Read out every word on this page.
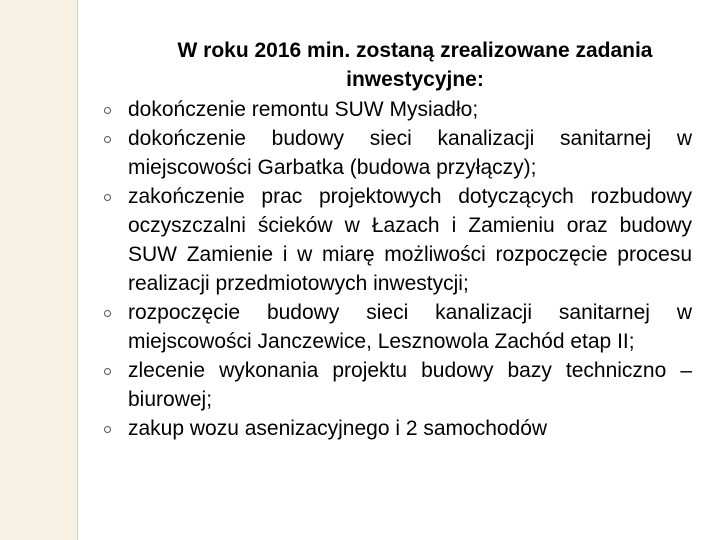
W roku 2016 min. zostaną zrealizowane zadania inwestycyjne:
dokończenie remontu SUW Mysiadło;
dokończenie budowy sieci kanalizacji sanitarnej w miejscowości Garbatka (budowa przyłączy);
zakończenie prac projektowych dotyczących rozbudowy oczyszczalni ścieków w Łazach i Zamieniu oraz budowy SUW Zamienie i w miarę możliwości rozpoczęcie procesu realizacji przedmiotowych inwestycji;
rozpoczęcie budowy sieci kanalizacji sanitarnej w miejscowości Janczewice, Lesznowola Zachód etap II;
zlecenie wykonania projektu budowy bazy techniczno – biurowej;
zakup wozu asenizacyjnego i 2 samochodów
